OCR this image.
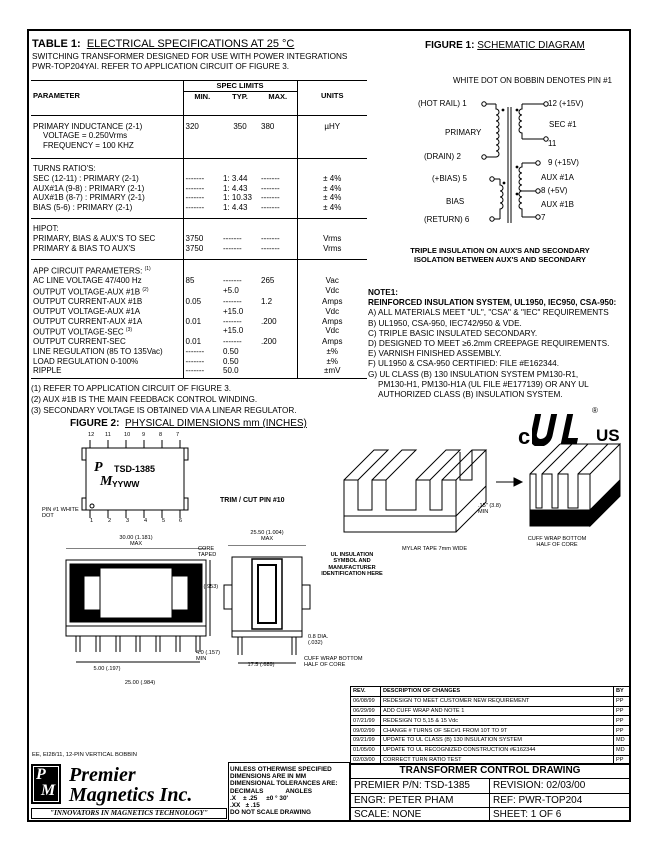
TABLE 1: ELECTRICAL SPECIFICATIONS AT 25 °C
SWITCHING TRANSFORMER DESIGNED FOR USE WITH POWER INTEGRATIONS PWR-TOP204YAI. REFER TO APPLICATION CIRCUIT OF FIGURE 3.
	SPEC LIMITS			
PARAMETER	MIN.	TYP.	MAX.	UNITS

PRIMARY INDUCTANCE (2-1)
VOLTAGE = 0.250Vrms
FREQUENCY = 100 KHZ	320	350	380	µHY
TURNS RATIO'S:				
SEC (12-11) : PRIMARY (2-1)	-------	1: 3.44	-------	± 4%
AUX#1A (9-8) : PRIMARY (2-1)	-------	1: 4.43	-------	± 4%
AUX#1B (8-7) : PRIMARY (2-1)	-------	1: 10.33	-------	± 4%
BIAS (5-6) : PRIMARY (2-1)	-------	1: 4.43	-------	± 4%
HIPOT:				
PRIMARY, BIAS & AUX'S TO SEC	3750	-------	-------	Vrms
PRIMARY & BIAS TO AUX'S	3750	-------	-------	Vrms
APP CIRCUIT PARAMETERS: $^{(1)}$				
AC LINE VOLTAGE 47/400 Hz	85	-------	265	Vac
OUTPUT VOLTAGE-AUX #1B $^{(2)}$		+5.0		Vdc
OUTPUT CURRENT-AUX #1B	0.05	-------	1.2	Amps
OUTPUT VOLTAGE-AUX #1A		+15.0		Vdc
OUTPUT CURRENT-AUX #1A	0.01	-------	.200	Amps
OUTPUT VOLTAGE-SEC $^{(3)}$		+15.0		Vdc
OUTPUT CURRENT-SEC	0.01	-------	.200	Amps
LINE REGULATION (85 TO 135Vac)	-------	0.50		±%
LOAD REGULATION 0-100%	-------	0.50		±%
RIPPLE	-------	50.0		±mV
(1) REFER TO APPLICATION CIRCUIT OF FIGURE 3.
(2) AUX #1B IS THE MAIN FEEDBACK CONTROL WINDING.
(3) SECONDARY VOLTAGE IS OBTAINED VIA A LINEAR REGULATOR.
FIGURE 1: SCHEMATIC DIAGRAM
WHITE DOT ON BOBBIN DENOTES PIN #1
(HOT RAIL) 1
(DRAIN) 2
(+BIAS) 5
(RETURN) 6
PRIMARY
BIAS
12 (+15V)
11
SEC #1
9 (+15V)
AUX #1A
8 (+5V)
AUX #1B
7
TRIPLE INSULATION ON AUX'S AND SECONDARY ISOLATION BETWEEN AUX'S AND SECONDARY
NOTE1:
REINFORCED INSULATION SYSTEM, UL1950, IEC950, CSA-950:
A) ALL MATERIALS MEET "UL", "CSA" & "IEC" REQUIREMENTS
B) UL1950, CSA-950, IEC742/950 & VDE.
C) TRIPLE BASIC INSULATED SECONDARY.
D) DESIGNED TO MEET ≥6.2mm CREEPAGE REQUIREMENTS.
E) VARNISH FINISHED ASSEMBLY.
F) UL1950 & CSA-950 CERTIFIED: FILE #E162344.
G) UL CLASS (B) 130 INSULATION SYSTEM PM130-R1,
PM130-H1, PM130-H1A (UL FILE #E177139) OR ANY UL
AUTHORIZED CLASS (B) INSULATION SYSTEM.
c	US
®
FIGURE 2: PHYSICAL DIMENSIONS mm (INCHES)
12 11 10 9 8 7
P
M
TSD-1385
YYWW
PIN #1 WHITE DOT
1	2	3	4	5 6
TRIM / CUT PIN #10
30.00 (1.181) MAX
24.20 (.953) MAX
4.0 (.157) MIN
5.00 (.197)
25.00 (.984)
CORE TAPED
25.50 (1.004) MAX
UL INSULATION SYMBOL AND MANUFACTURER IDENTIFICATION HERE
0.8 DIA. (.032)
17.5 (.689)
CUFF WRAP BOTTOM HALF OF CORE
.15" (3.8) MIN
MYLAR TAPE 7mm WIDE
CUFF WRAP BOTTOM HALF OF CORE
EE, EI28/11, 12-PIN VERTICAL BOBBIN
REV.	DESCRIPTION OF CHANGES	BY
06/08/99	REDESIGN TO MEET CUSTOMER NEW REQUIREMENT	PP
06/29/99	ADD CUFF WRAP AND NOTE 1	PP
07/21/99	REDESIGN TO 5,15 & 15 Vdc	PP
09/02/99	CHANGE # TURNS OF SEC#1 FROM 10T TO 9T	PP
09/21/99	UPDATE TO UL CLASS (B) 130 INSULATION SYSTEM	MD
01/05/00	UPDATE TO UL RECOGNIZED CONSTRUCTION #E162344	MD
02/03/00	CORRECT TURN RATIO TEST	PP
TRANSFORMER CONTROL DRAWING
PREMIER P/N: TSD-1385	REVISION: 02/03/00
ENGR: PETER PHAM	REF: PWR-TOP204
SCALE: NONE	SHEET: 1 OF 6
UNLESS OTHERWISE SPECIFIED
DIMENSIONS ARE IN MM
DIMENSIONAL TOLERANCES ARE:
DECIMALS	ANGLES
.X ± .25 ±0 ° 30'
.XX ± .15
DO NOT SCALE DRAWING
P
M
Premier
Magnetics Inc.
"INNOVATORS IN MAGNETICS TECHNOLOGY"
